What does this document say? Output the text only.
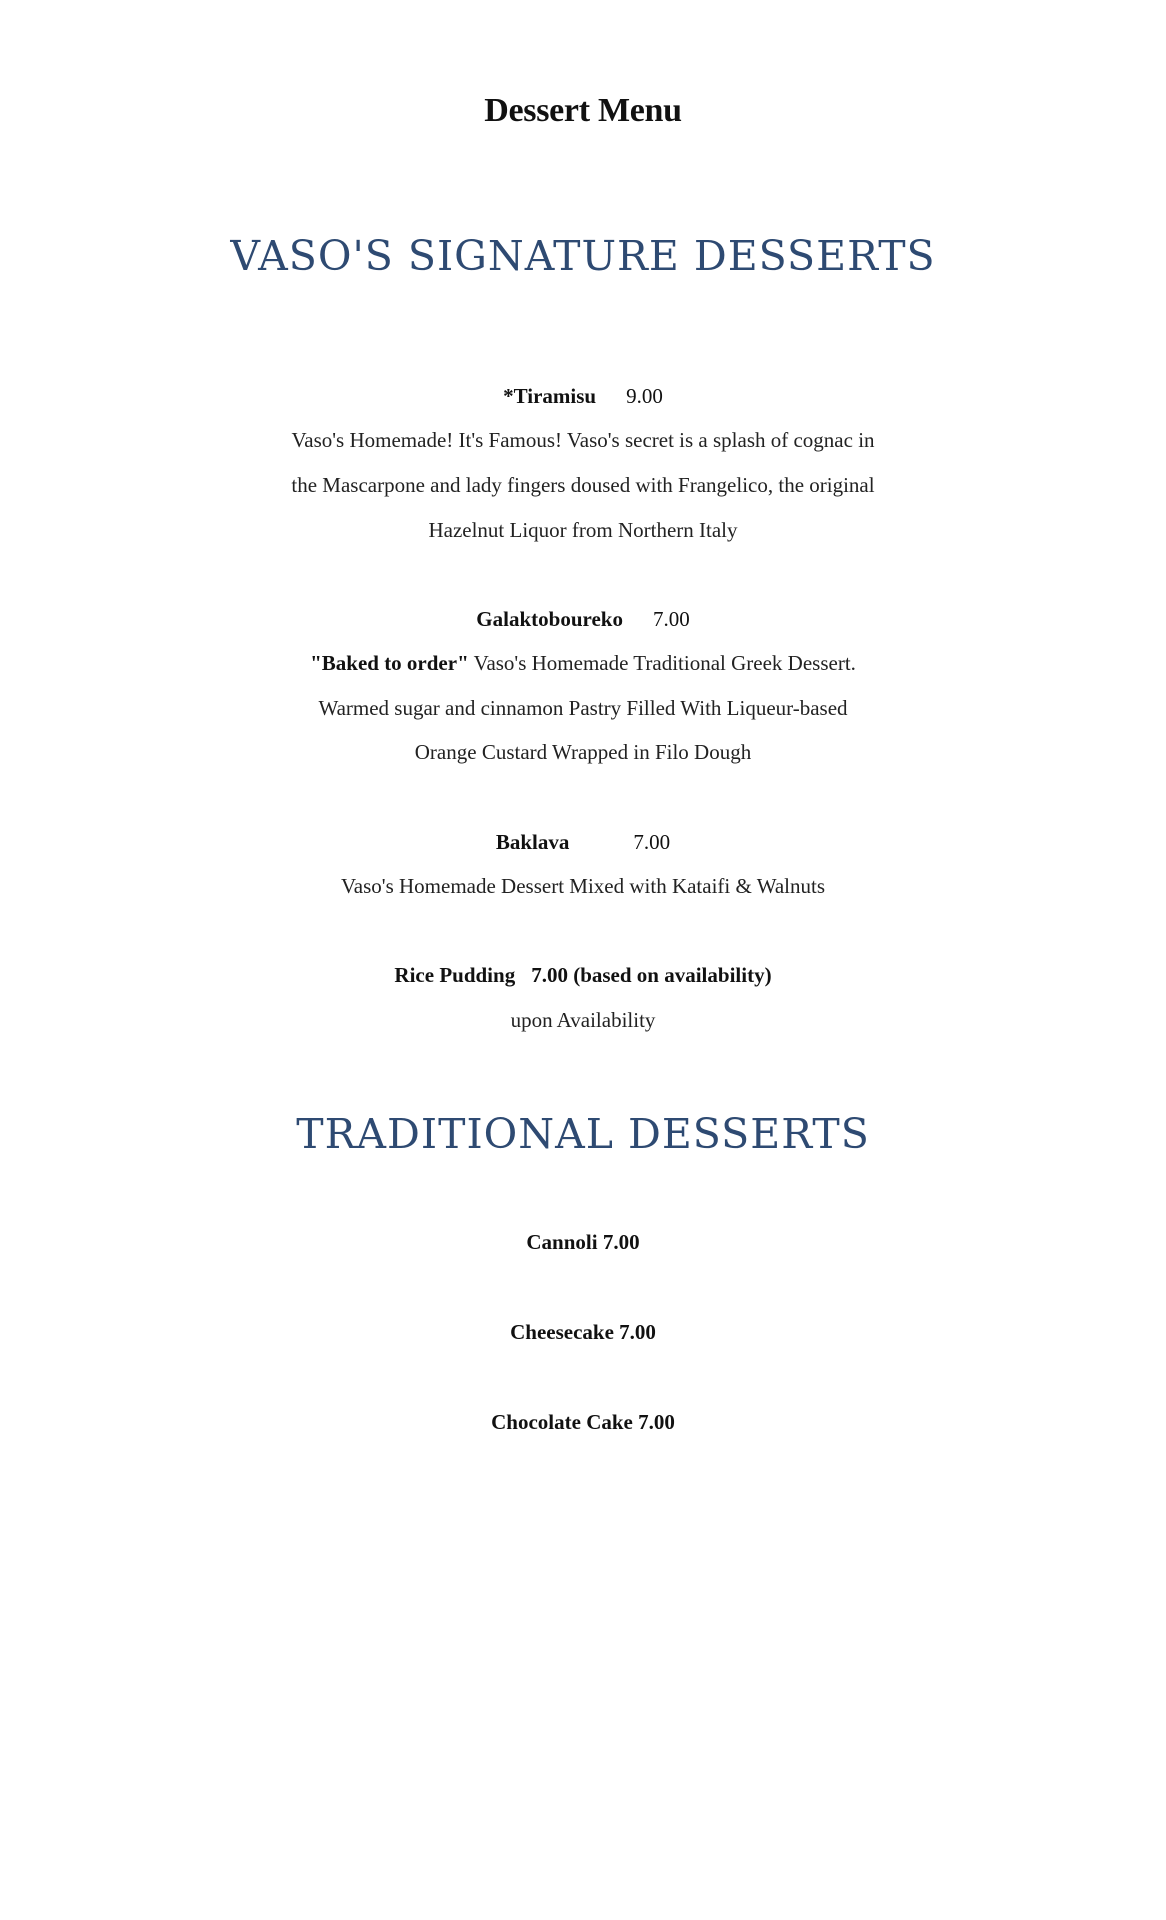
Dessert Menu
VASO'S SIGNATURE DESSERTS
*Tiramisu 9.00
Vaso's Homemade! It's Famous! Vaso's secret is a splash of cognac in
the Mascarpone and lady fingers doused with Frangelico, the original
Hazelnut Liquor from Northern Italy
Galaktoboureko 7.00
"Baked to order" Vaso's Homemade Traditional Greek Dessert.
Warmed sugar and cinnamon Pastry Filled With Liqueur-based
Orange Custard Wrapped in Filo Dough
Baklava	7.00
Vaso's Homemade Dessert Mixed with Kataifi & Walnuts
Rice Pudding 7.00 (based on availability)
upon Availability
TRADITIONAL DESSERTS
Cannoli 7.00
Cheesecake 7.00
Chocolate Cake 7.00
